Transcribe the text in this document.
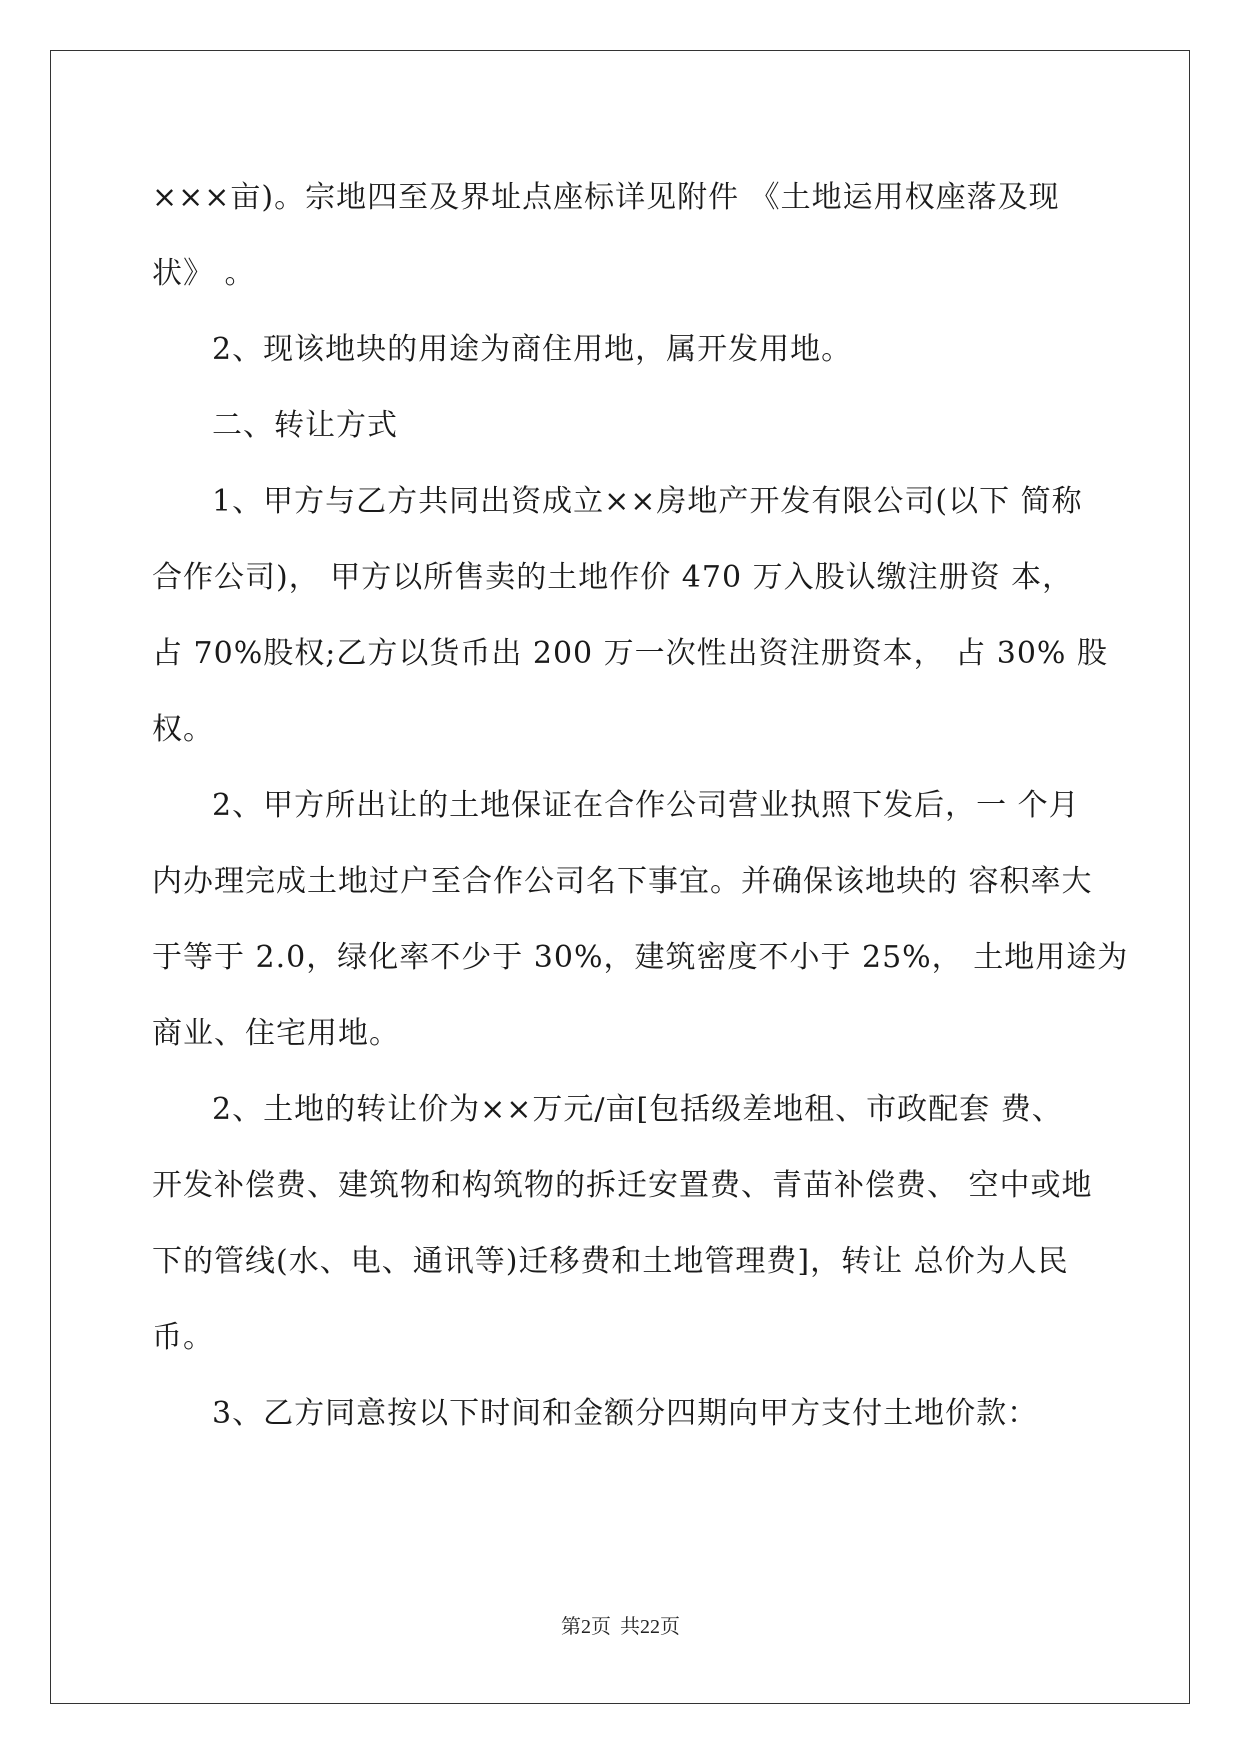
×××亩)。宗地四至及界址点座标详见附件 《土地运用权座落及现
状》 。
2、现该地块的用途为商住用地，属开发用地。
二、转让方式
1、甲方与乙方共同出资成立××房地产开发有限公司(以下 简称
合作公司)， 甲方以所售卖的土地作价 470 万入股认缴注册资 本，
占 70%股权;乙方以货币出 200 万一次性出资注册资本， 占 30% 股
权。
2、甲方所出让的土地保证在合作公司营业执照下发后，一 个月
内办理完成土地过户至合作公司名下事宜。并确保该地块的 容积率大
于等于 2.0，绿化率不少于 30%，建筑密度不小于 25%， 土地用途为
商业、住宅用地。
2、土地的转让价为××万元/亩[包括级差地租、市政配套 费、
开发补偿费、建筑物和构筑物的拆迁安置费、青苗补偿费、 空中或地
下的管线(水、电、通讯等)迁移费和土地管理费]，转让 总价为人民
币。
3、乙方同意按以下时间和金额分四期向甲方支付土地价款：
第2页 共22页
